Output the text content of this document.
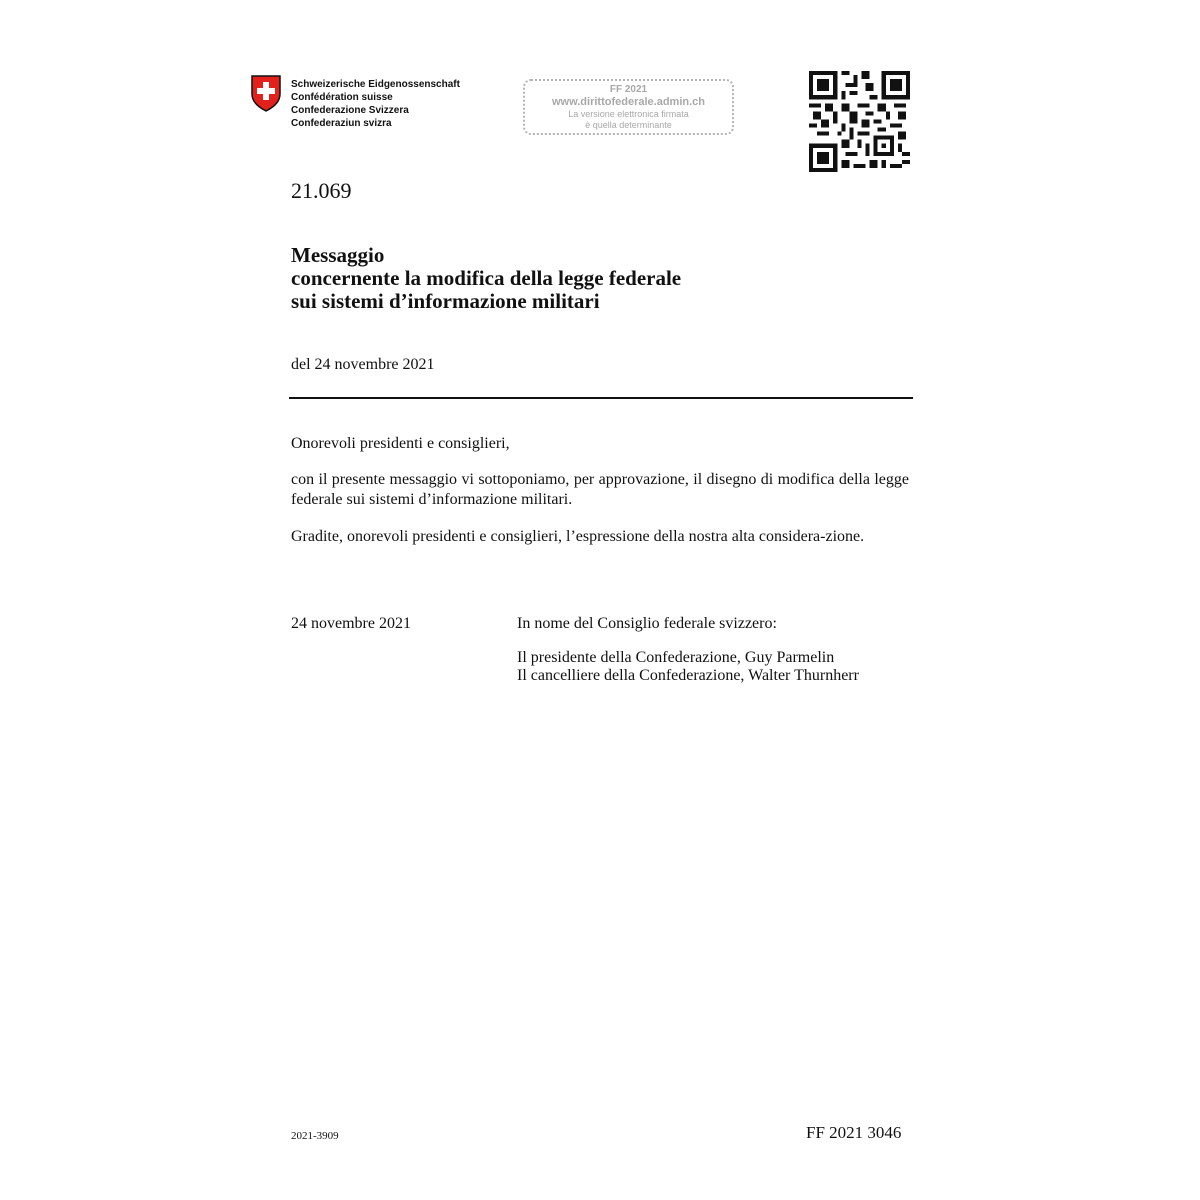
Schweizerische Eidgenossenschaft
Confédération suisse
Confederazione Svizzera
Confederaziun svizra
FF 2021
www.dirittofederale.admin.ch
La versione elettronica firmata
è quella determinante
21.069
Messaggio
concernente la modifica della legge federale
sui sistemi d’informazione militari
del 24 novembre 2021
Onorevoli presidenti e consiglieri,
con il presente messaggio vi sottoponiamo, per approvazione, il disegno di modifica della legge federale sui sistemi d’informazione militari.
Gradite, onorevoli presidenti e consiglieri, l’espressione della nostra alta considera-zione.
24 novembre 2021	In nome del Consiglio federale svizzero:
Il presidente della Confederazione, Guy Parmelin
Il cancelliere della Confederazione, Walter Thurnherr
2021-3909	FF 2021 3046
